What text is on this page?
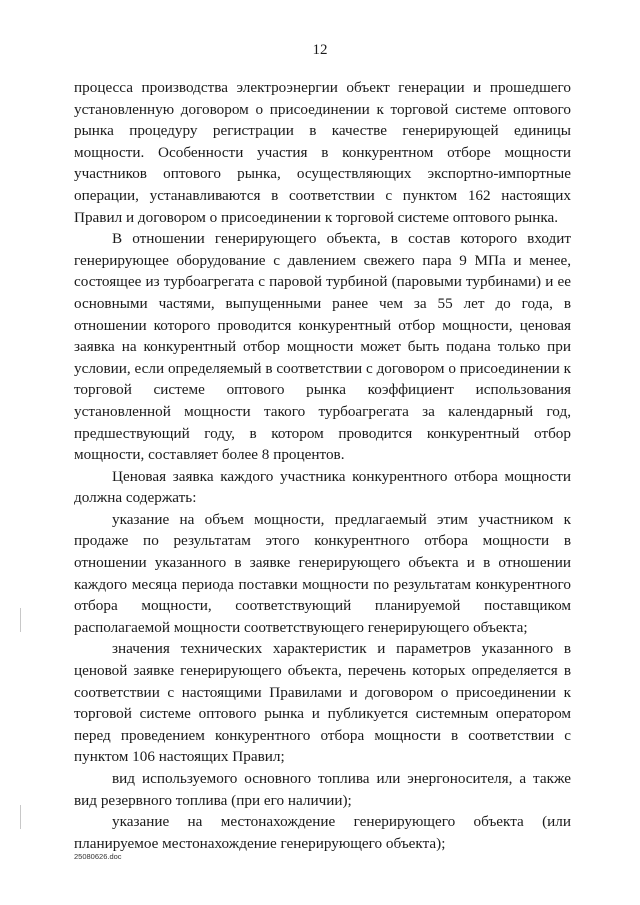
12

процесса производства электроэнергии объект генерации и прошедшего установленную договором о присоединении к торговой системе оптового рынка процедуру регистрации в качестве генерирующей единицы мощности. Особенности участия в конкурентном отборе мощности участников оптового рынка, осуществляющих экспортно-импортные операции, устанавливаются в соответствии с пунктом 162 настоящих Правил и договором о присоединении к торговой системе оптового рынка.

В отношении генерирующего объекта, в состав которого входит генерирующее оборудование с давлением свежего пара 9 МПа и менее, состоящее из турбоагрегата с паровой турбиной (паровыми турбинами) и ее основными частями, выпущенными ранее чем за 55 лет до года, в отношении которого проводится конкурентный отбор мощности, ценовая заявка на конкурентный отбор мощности может быть подана только при условии, если определяемый в соответствии с договором о присоединении к торговой системе оптового рынка коэффициент использования установленной мощности такого турбоагрегата за календарный год, предшествующий году, в котором проводится конкурентный отбор мощности, составляет более 8 процентов.

Ценовая заявка каждого участника конкурентного отбора мощности должна содержать:

указание на объем мощности, предлагаемый этим участником к продаже по результатам этого конкурентного отбора мощности в отношении указанного в заявке генерирующего объекта и в отношении каждого месяца периода поставки мощности по результатам конкурентного отбора мощности, соответствующий планируемой поставщиком располагаемой мощности соответствующего генерирующего объекта;

значения технических характеристик и параметров указанного в ценовой заявке генерирующего объекта, перечень которых определяется в соответствии с настоящими Правилами и договором о присоединении к торговой системе оптового рынка и публикуется системным оператором перед проведением конкурентного отбора мощности в соответствии с пунктом 106 настоящих Правил;

вид используемого основного топлива или энергоносителя, а также вид резервного топлива (при его наличии);

указание на местонахождение генерирующего объекта (или планируемое местонахождение генерирующего объекта);

25080626.doc
